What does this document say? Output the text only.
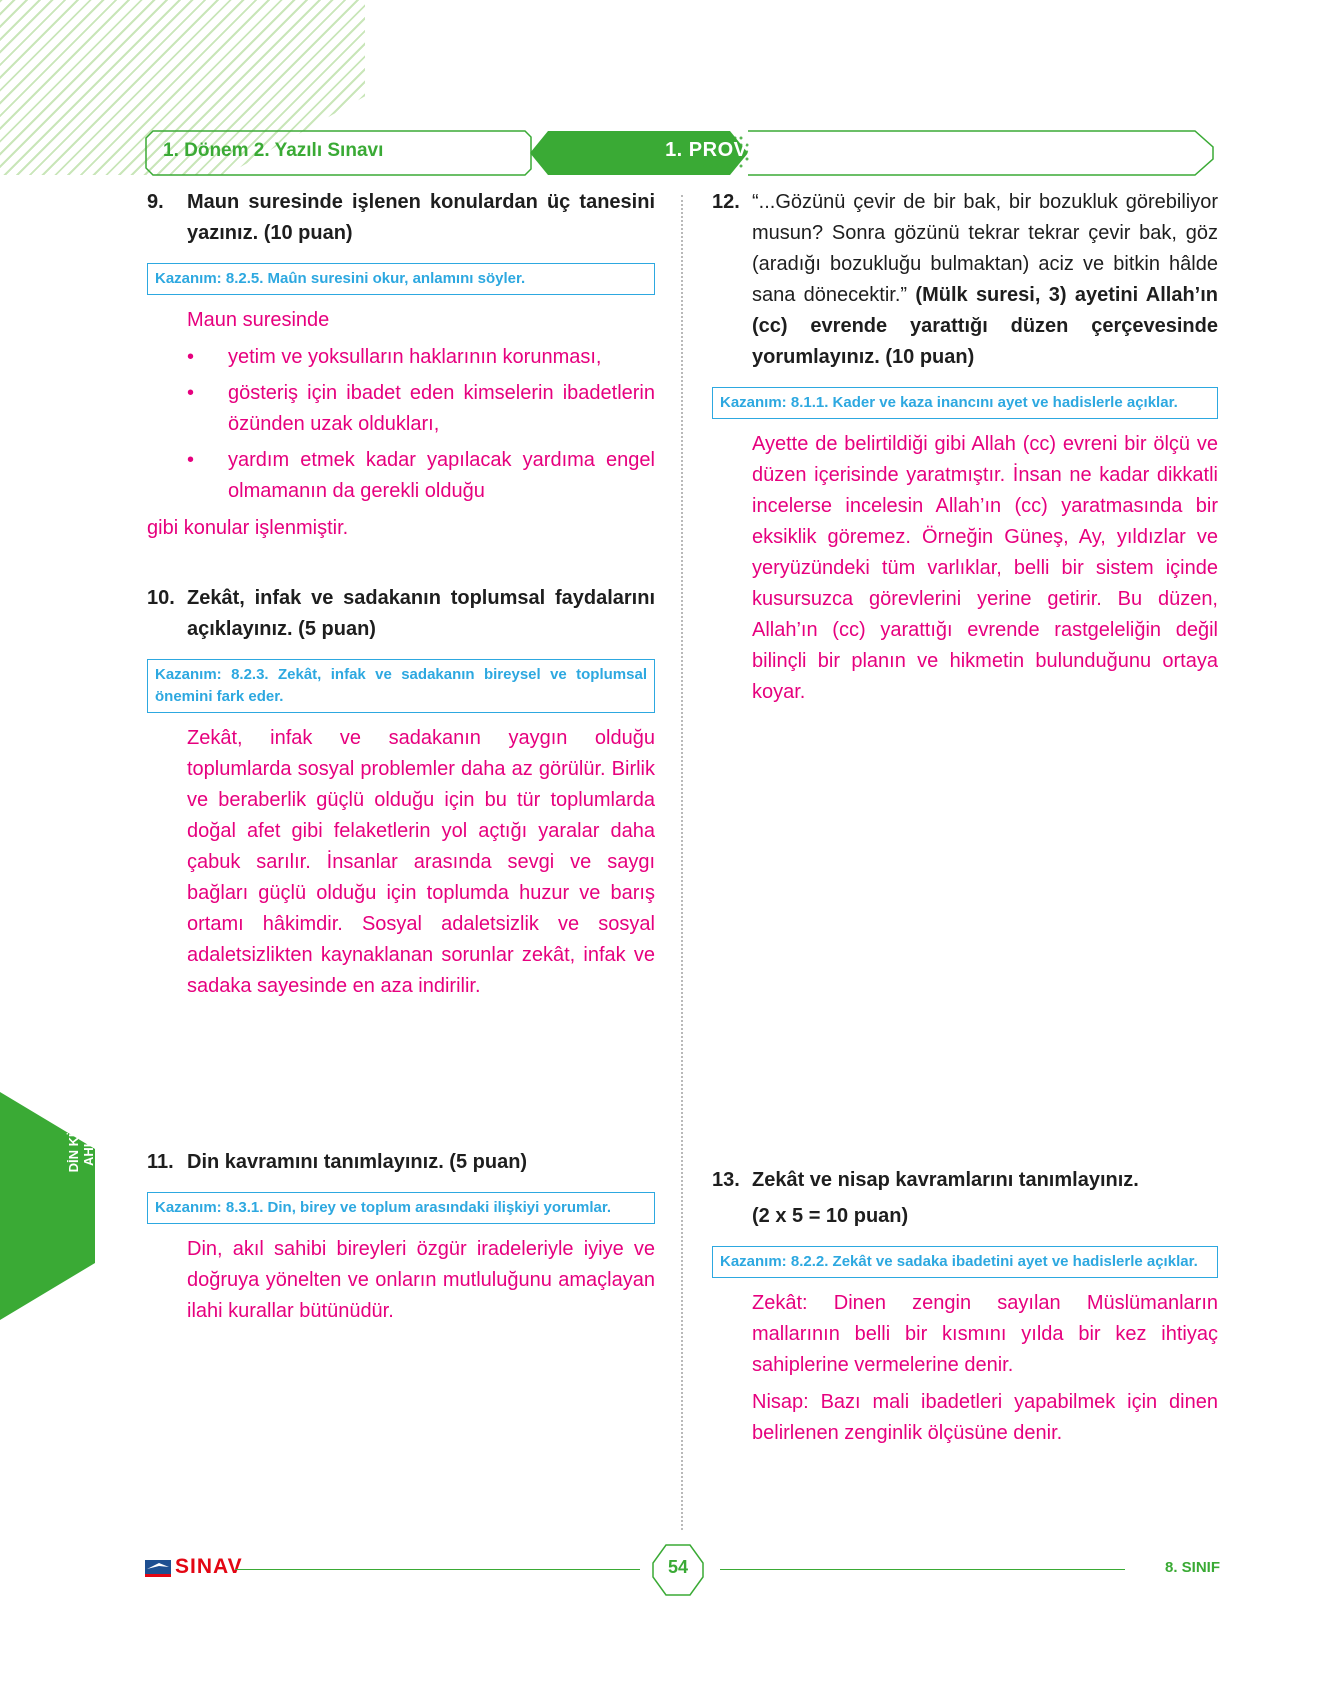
1. Dönem 2. Yazılı Sınavı	1. PROVA
9. Maun suresinde işlenen konulardan üç tanesini yazınız. (10 puan)
Kazanım: 8.2.5. Maûn suresini okur, anlamını söyler.

Maun suresinde

• yetim ve yoksulların haklarının korunması,
• gösteriş için ibadet eden kimselerin ibadetlerin özünden uzak oldukları,
• yardım etmek kadar yapılacak yardıma engel olmamanın da gerekli olduğu

gibi konular işlenmiştir.

10. Zekât, infak ve sadakanın toplumsal faydalarını açıklayınız. (5 puan)
Kazanım: 8.2.3. Zekât, infak ve sadakanın bireysel ve toplumsal önemini fark eder.
Zekât, infak ve sadakanın yaygın olduğu toplumlarda sosyal problemler daha az görülür. Birlik ve beraberlik güçlü olduğu için bu tür toplumlarda doğal afet gibi felaketlerin yol açtığı yaralar daha çabuk sarılır. İnsanlar arasında sevgi ve saygı bağları güçlü olduğu için toplumda huzur ve barış ortamı hâkimdir. Sosyal adaletsizlik ve sosyal adaletsizlikten kaynaklanan sorunlar zekât, infak ve sadaka sayesinde en aza indirilir.
11. Din kavramını tanımlayınız. (5 puan)
Kazanım: 8.3.1. Din, birey ve toplum arasındaki ilişkiyi yorumlar.
Din, akıl sahibi bireyleri özgür iradeleriyle iyiye ve doğruya yönelten ve onların mutluluğunu amaçlayan ilahi kurallar bütünüdür.
12. “...Gözünü çevir de bir bak, bir bozukluk görebiliyor musun? Sonra gözünü tekrar tekrar çevir bak, göz (aradığı bozukluğu bulmaktan) aciz ve bitkin hâlde sana dönecektir.” (Mülk suresi, 3) ayetini Allah’ın (cc) evrende yarattığı düzen çerçevesinde yorumlayınız. (10 puan)
Kazanım: 8.1.1. Kader ve kaza inancını ayet ve hadislerle açıklar.
Ayette de belirtildiği gibi Allah (cc) evreni bir ölçü ve düzen içerisinde yaratmıştır. İnsan ne kadar dikkatli incelerse incelesin Allah’ın (cc) yaratmasında bir eksiklik göremez. Örneğin Güneş, Ay, yıldızlar ve yeryüzündeki tüm varlıklar, belli bir sistem içinde kusursuzca görevlerini yerine getirir. Bu düzen, Allah’ın (cc) yarattığı evrende rastgeleliğin değil bilinçli bir planın ve hikmetin bulunduğunu ortaya koyar.
13. Zekât ve nisap kavramlarını tanımlayınız.
(2 x 5 = 10 puan)
Kazanım: 8.2.2. Zekât ve sadaka ibadetini ayet ve hadislerle açıklar.

Zekât: Dinen zengin sayılan Müslümanların mallarının belli bir kısmını yılda bir kez ihtiyaç sahiplerine vermelerine denir.

Nisap: Bazı mali ibadetleri yapabilmek için dinen belirlenen zenginlik ölçüsüne denir.

DİN KÜLTÜRÜ VE AHLAK BİLGİSİ
SINAV	54	8. SINIF
